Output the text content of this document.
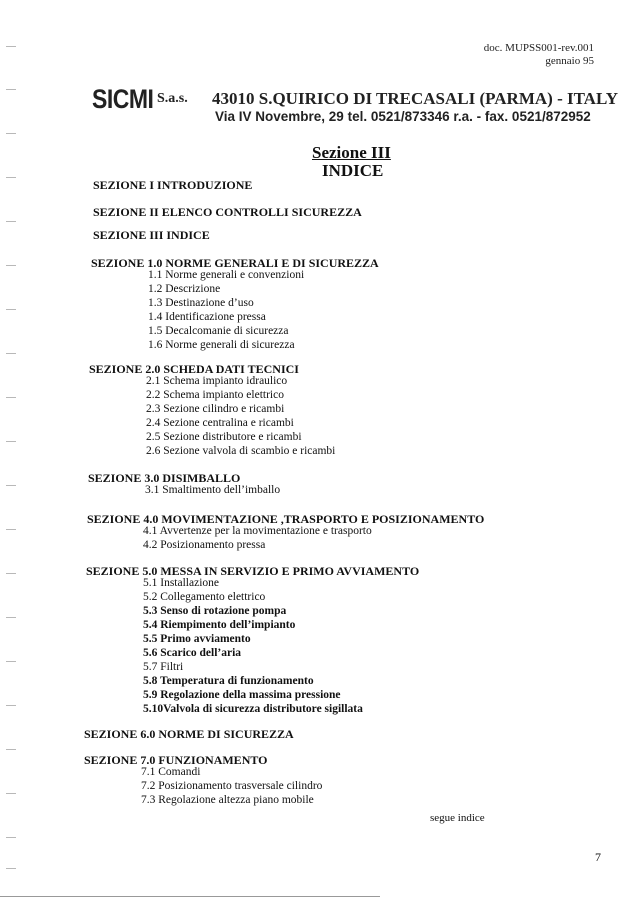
doc. MUPSS001-rev.001
gennaio 95
SICMI S.a.s. 43010 S.QUIRICO DI TRECASALI (PARMA) - ITALY
Via IV Novembre, 29 tel. 0521/873346 r.a. - fax. 0521/872952
Sezione III
INDICE
SEZIONE I INTRODUZIONE
SEZIONE II ELENCO CONTROLLI SICUREZZA
SEZIONE III INDICE
SEZIONE 1.0 NORME GENERALI E DI SICUREZZA
1.1 Norme generali e convenzioni
1.2 Descrizione
1.3 Destinazione d’uso
1.4 Identificazione pressa
1.5 Decalcomanie di sicurezza
1.6 Norme generali di sicurezza
SEZIONE 2.0 SCHEDA DATI TECNICI
2.1 Schema impianto idraulico
2.2 Schema impianto elettrico
2.3 Sezione cilindro e ricambi
2.4 Sezione centralina e ricambi
2.5 Sezione distributore e ricambi
2.6 Sezione valvola di scambio e ricambi
SEZIONE 3.0 DISIMBALLO
3.1 Smaltimento dell’imballo
SEZIONE 4.0 MOVIMENTAZIONE ,TRASPORTO E POSIZIONAMENTO
4.1 Avvertenze per la movimentazione e trasporto
4.2 Posizionamento pressa
SEZIONE 5.0 MESSA IN SERVIZIO E PRIMO AVVIAMENTO
5.1 Installazione
5.2 Collegamento elettrico
5.3 Senso di rotazione pompa
5.4 Riempimento dell’impianto
5.5 Primo avviamento
5.6 Scarico dell’aria
5.7 Filtri
5.8 Temperatura di funzionamento
5.9 Regolazione della massima pressione
5.10Valvola di sicurezza distributore sigillata
SEZIONE 6.0 NORME DI SICUREZZA
SEZIONE 7.0 FUNZIONAMENTO
7.1 Comandi
7.2 Posizionamento trasversale cilindro
7.3 Regolazione altezza piano mobile
segue indice
7
